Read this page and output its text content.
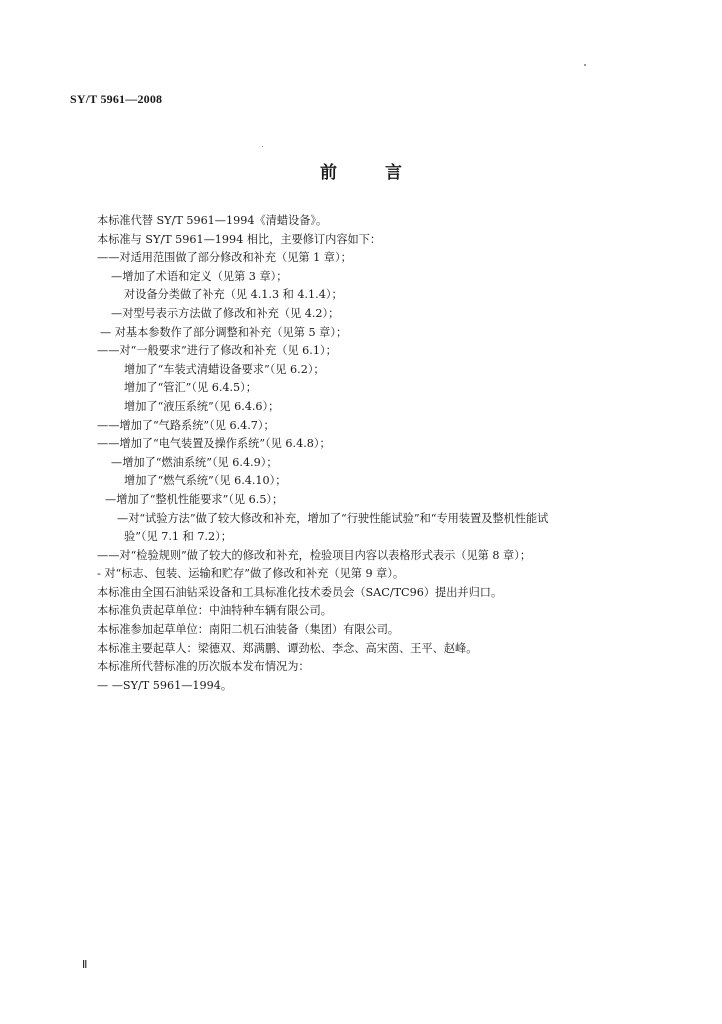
SY/T 5961—2008
前	言
本标准代替 SY/T 5961—1994《清蜡设备》。
本标准与 SY/T 5961—1994 相比，主要修订内容如下：
——对适用范围做了部分修改和补充（见第 1 章）；
—增加了术语和定义（见第 3 章）；
对设备分类做了补充（见 4.1.3 和 4.1.4）；
—对型号表示方法做了修改和补充（见 4.2）；
— 对基本参数作了部分调整和补充（见第 5 章）；
——对“一般要求”进行了修改和补充（见 6.1）；
增加了“车装式清蜡设备要求”（见 6.2）；
增加了“管汇”（见 6.4.5）；
增加了“液压系统”（见 6.4.6）；
——增加了“气路系统”（见 6.4.7）；
——增加了“电气装置及操作系统”（见 6.4.8）；
—增加了“燃油系统”（见 6.4.9）；
增加了“燃气系统”（见 6.4.10）；
—增加了“整机性能要求”（见 6.5）；
—对“试验方法”做了较大修改和补充，增加了“行驶性能试验”和“专用装置及整机性能试
验”（见 7.1 和 7.2）；
——对“检验规则”做了较大的修改和补充，检验项目内容以表格形式表示（见第 8 章）；
- 对“标志、包装、运输和贮存”做了修改和补充（见第 9 章）。
本标准由全国石油钻采设备和工具标准化技术委员会（SAC/TC96）提出并归口。
本标准负责起草单位：中油特种车辆有限公司。
本标准参加起草单位：南阳二机石油装备（集团）有限公司。
本标准主要起草人：梁德双、郑满鹏、谭劲松、李念、高宋茵、王平、赵峰。
本标准所代替标准的历次版本发布情况为：
— —SY/T 5961—1994。
Ⅱ
